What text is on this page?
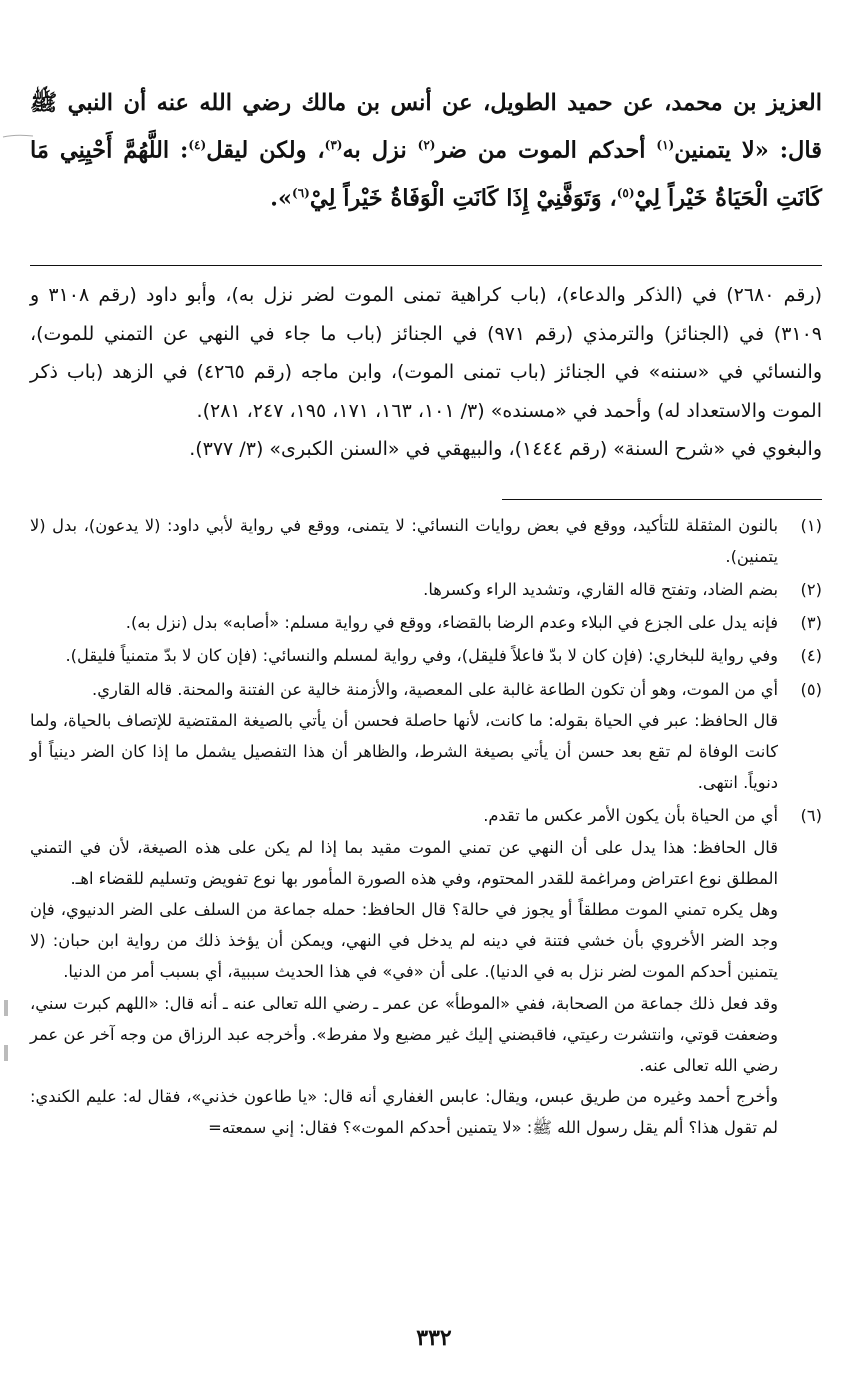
العزيز بن محمد، عن حميد الطويل، عن أنس بن مالك رضي الله عنه أن النبي ﷺ قال: «لا يتمنين$^{(١)}$ أحدكم الموت من ضر$^{(٢)}$ نزل به$^{(٣)}$، ولكن ليقل$^{(٤)}$: اللَّهُمَّ أَحْيِنِي مَا كَانَتِ الْحَيَاةُ خَيْراً لِيْ$^{(٥)}$، وَتَوَفَّنِيْ إِذَا كَانَتِ الْوَفَاةُ خَيْراً لِيْ$^{(٦)}$».

(رقم ٢٦٨٠) في (الذكر والدعاء)، (باب كراهية تمنى الموت لضر نزل به)، وأبو داود (رقم ٣١٠٨ و ٣١٠٩) في (الجنائز) والترمذي (رقم ٩٧١) في الجنائز (باب ما جاء في النهي عن التمني للموت)، والنسائي في «سننه» في الجنائز (باب تمنى الموت)، وابن ماجه (رقم ٤٢٦٥) في الزهد (باب ذكر الموت والاستعداد له) وأحمد في «مسنده» (٣/ ١٠١، ١٦٣، ١٧١، ١٩٥، ٢٤٧، ٢٨١).

والبغوي في «شرح السنة» (رقم ١٤٤٤)، والبيهقي في «السنن الكبرى» (٣/ ٣٧٧).

(١)

بالنون المثقلة للتأكيد، ووقع في بعض روايات النسائي: لا يتمنى، ووقع في رواية لأبي داود: (لا يدعون)، بدل (لا يتمنين).

(٢)

بضم الضاد، وتفتح قاله القاري، وتشديد الراء وكسرها.

(٣)

فإنه يدل على الجزع في البلاء وعدم الرضا بالقضاء، ووقع في رواية مسلم: «أصابه» بدل (نزل به).

(٤)

وفي رواية للبخاري: (فإن كان لا بدّ فاعلاً فليقل)، وفي رواية لمسلم والنسائي: (فإن كان لا بدّ متمنياً فليقل).

(٥)

أي من الموت، وهو أن تكون الطاعة غالبة على المعصية، والأزمنة خالية عن الفتنة والمحنة. قاله القاري.

قال الحافظ: عبر في الحياة بقوله: ما كانت، لأنها حاصلة فحسن أن يأتي بالصيغة المقتضية للإتصاف بالحياة، ولما كانت الوفاة لم تقع بعد حسن أن يأتي بصيغة الشرط، والظاهر أن هذا التفصيل يشمل ما إذا كان الضر دينياً أو دنوياً. انتهى.

(٦)

أي من الحياة بأن يكون الأمر عكس ما تقدم.

قال الحافظ: هذا يدل على أن النهي عن تمني الموت مقيد بما إذا لم يكن على هذه الصيغة، لأن في التمني المطلق نوع اعتراض ومراغمة للقدر المحتوم، وفي هذه الصورة المأمور بها نوع تفويض وتسليم للقضاء اهـ.

وهل يكره تمني الموت مطلقاً أو يجوز في حالة؟ قال الحافظ: حمله جماعة من السلف على الضر الدنيوي، فإن وجد الضر الأخروي بأن خشي فتنة في دينه لم يدخل في النهي، ويمكن أن يؤخذ ذلك من رواية ابن حبان: (لا يتمنين أحدكم الموت لضر نزل به في الدنيا). على أن «في» في هذا الحديث سببية، أي بسبب أمر من الدنيا.

وقد فعل ذلك جماعة من الصحابة، ففي «الموطأ» عن عمر ـ رضي الله تعالى عنه ـ أنه قال: «اللهم كبرت سني، وضعفت قوتي، وانتشرت رعيتي، فاقبضني إليك غير مضيع ولا مفرط». وأخرجه عبد الرزاق من وجه آخر عن عمر رضي الله تعالى عنه.

وأخرج أحمد وغيره من طريق عبس، ويقال: عابس الغفاري أنه قال: «يا طاعون خذني»، فقال له: عليم الكندي: لم تقول هذا؟ ألم يقل رسول الله ﷺ: «لا يتمنين أحدكم الموت»؟ فقال: إني سمعته=

٣٣٢
